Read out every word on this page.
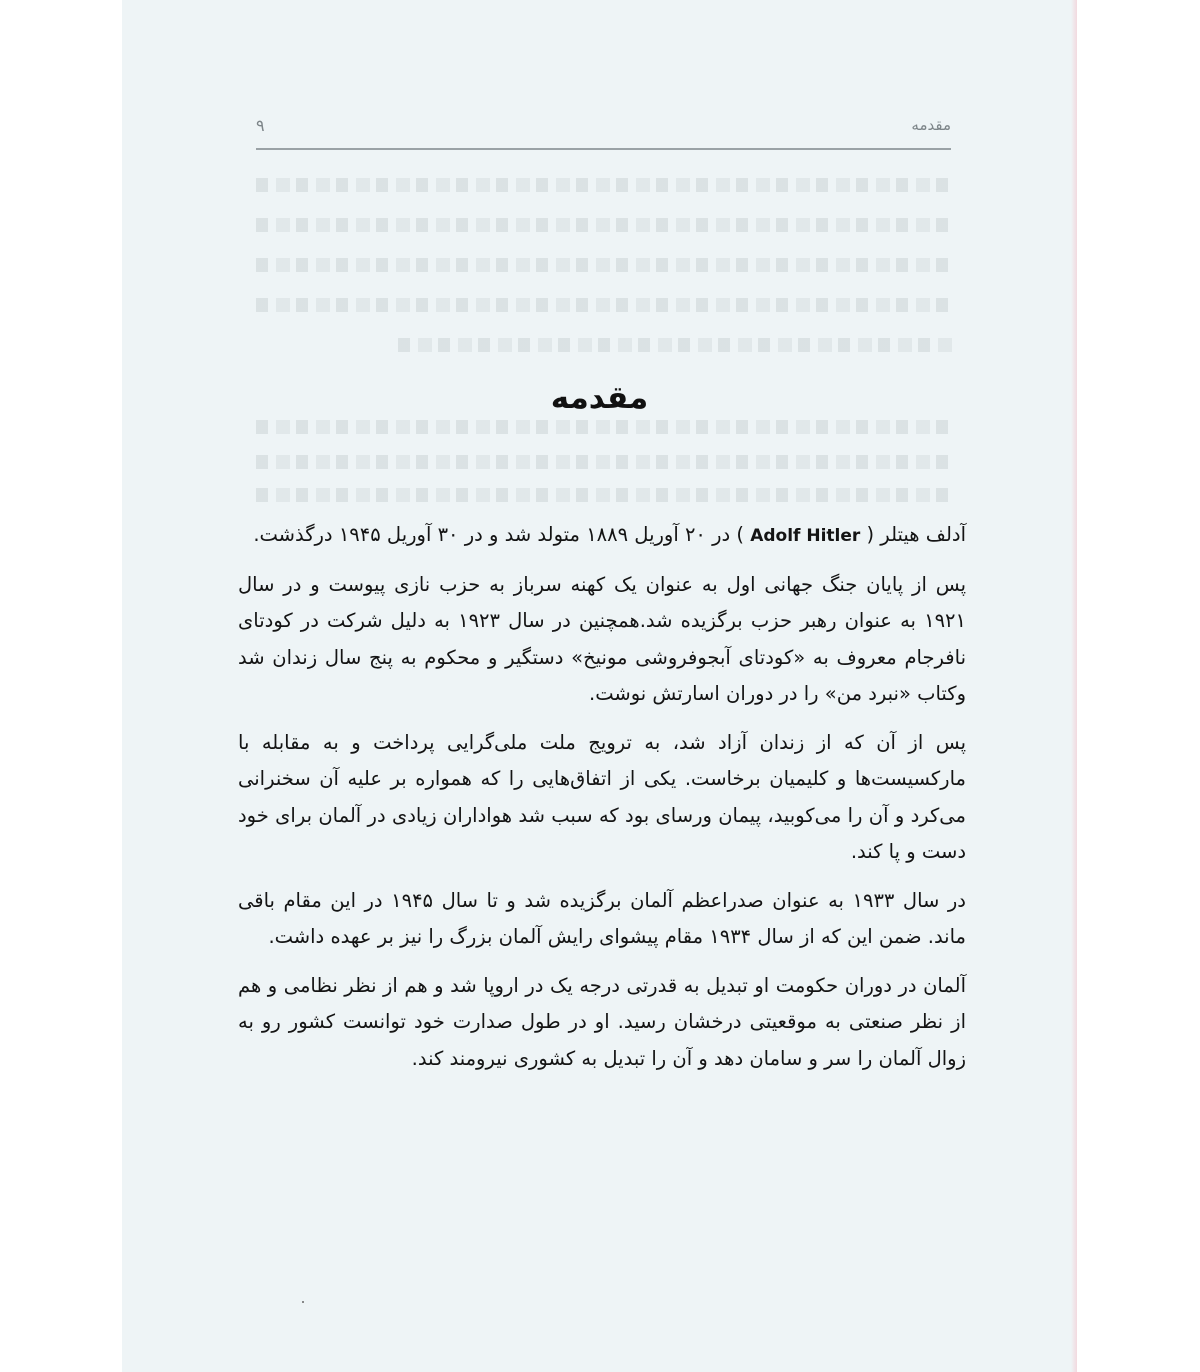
مقدمه
۹
مقدمه

آدلف هیتلر ( Adolf Hitler ) در ۲۰ آوریل ۱۸۸۹ متولد شد و در ۳۰ آوریل ۱۹۴۵ درگذشت.

پس از پایان جنگ جهانی اول به عنوان یک کهنه سرباز به حزب نازی پیوست و در سال ۱۹۲۱ به عنوان رهبر حزب برگزیده شد.همچنین در سال ۱۹۲۳ به دلیل شرکت در کودتای نافرجام معروف به «کودتای آبجوفروشی مونیخ» دستگیر و محکوم به پنج سال زندان شد وکتاب «نبرد من» را در دوران اسارتش نوشت.

پس از آن که از زندان آزاد شد، به ترویج ملت ملی‌گرایی پرداخت و به مقابله با مارکسیست‌ها و کلیمیان برخاست. یکی از اتفاق‌هایی را که همواره بر علیه آن سخنرانی می‌کرد و آن را می‌کوبید، پیمان ورسای بود که سبب شد هواداران زیادی در آلمان برای خود دست و پا کند.

در سال ۱۹۳۳ به عنوان صدراعظم آلمان برگزیده شد و تا سال ۱۹۴۵ در این مقام باقی ماند. ضمن این که از سال ۱۹۳۴ مقام پیشوای رایش آلمان بزرگ را نیز بر عهده داشت.

آلمان در دوران حکومت او تبدیل به قدرتی درجه یک در اروپا شد و هم از نظر نظامی و هم از نظر صنعتی به موقعیتی درخشان رسید. او در طول صدارت خود توانست کشور رو به زوال آلمان را سر و سامان دهد و آن را تبدیل به کشوری نیرومند کند.
